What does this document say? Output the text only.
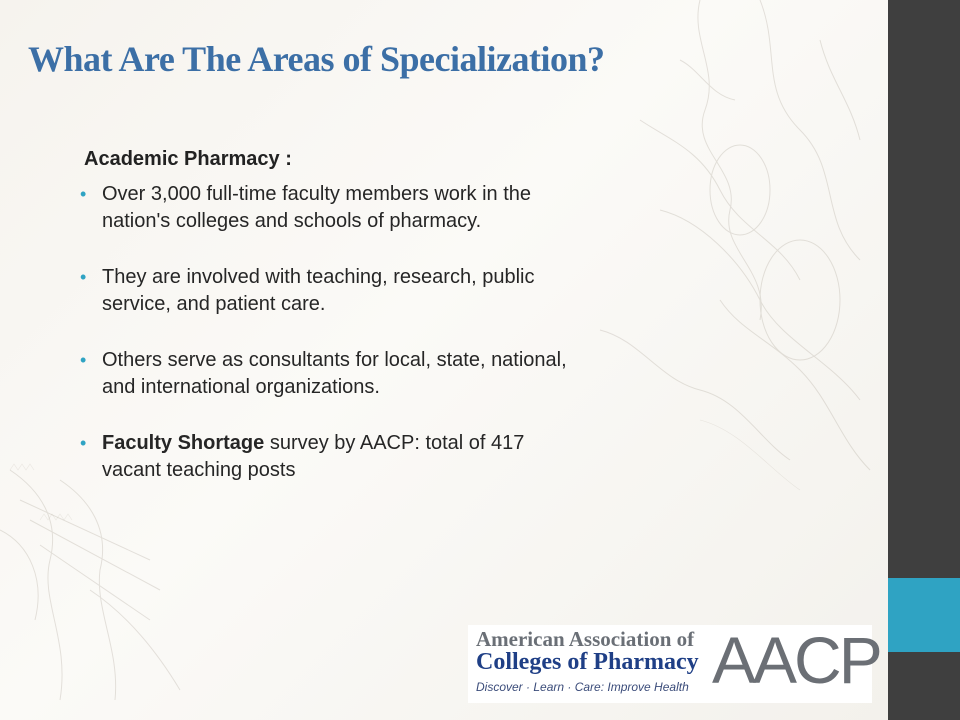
What Are The Areas of Specialization?
Academic Pharmacy :
• Over 3,000 full-time faculty members work in the nation's colleges and schools of pharmacy.
• They are involved with teaching, research, public service, and patient care.
• Others serve as consultants for local, state, national, and international organizations.
• Faculty Shortage survey by AACP: total of 417 vacant teaching posts
American Association of
Colleges of Pharmacy
Discover · Learn · Care: Improve Health AACP
